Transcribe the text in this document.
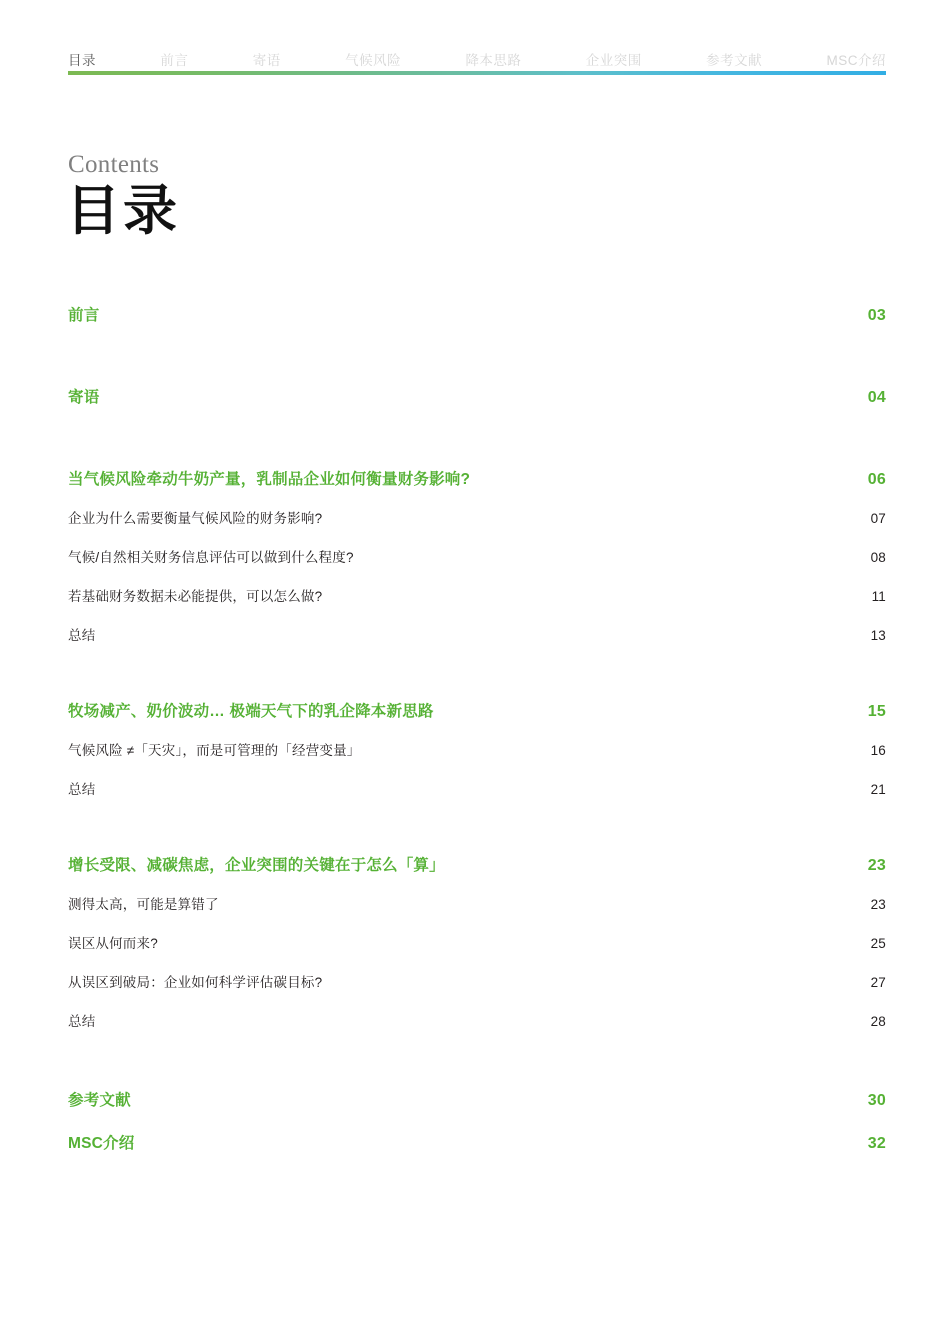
目录	前言	寄语	气候风险	降本思路	企业突围	参考文献	MSC介绍
Contents
目录
前言	03
寄语	04
当气候风险牵动牛奶产量，乳制品企业如何衡量财务影响?	06
企业为什么需要衡量气候风险的财务影响?	07
气候/自然相关财务信息评估可以做到什么程度?	08
若基础财务数据未必能提供，可以怎么做?	11
总结	13
牧场减产、奶价波动… 极端天气下的乳企降本新思路	15
气候风险 ≠「天灾」，而是可管理的「经营变量」	16
总结	21
增长受限、减碳焦虑，企业突围的关键在于怎么「算」	23
测得太高，可能是算错了	23
误区从何而来?	25
从误区到破局：企业如何科学评估碳目标?	27
总结	28
参考文献	30
MSC介绍	32
